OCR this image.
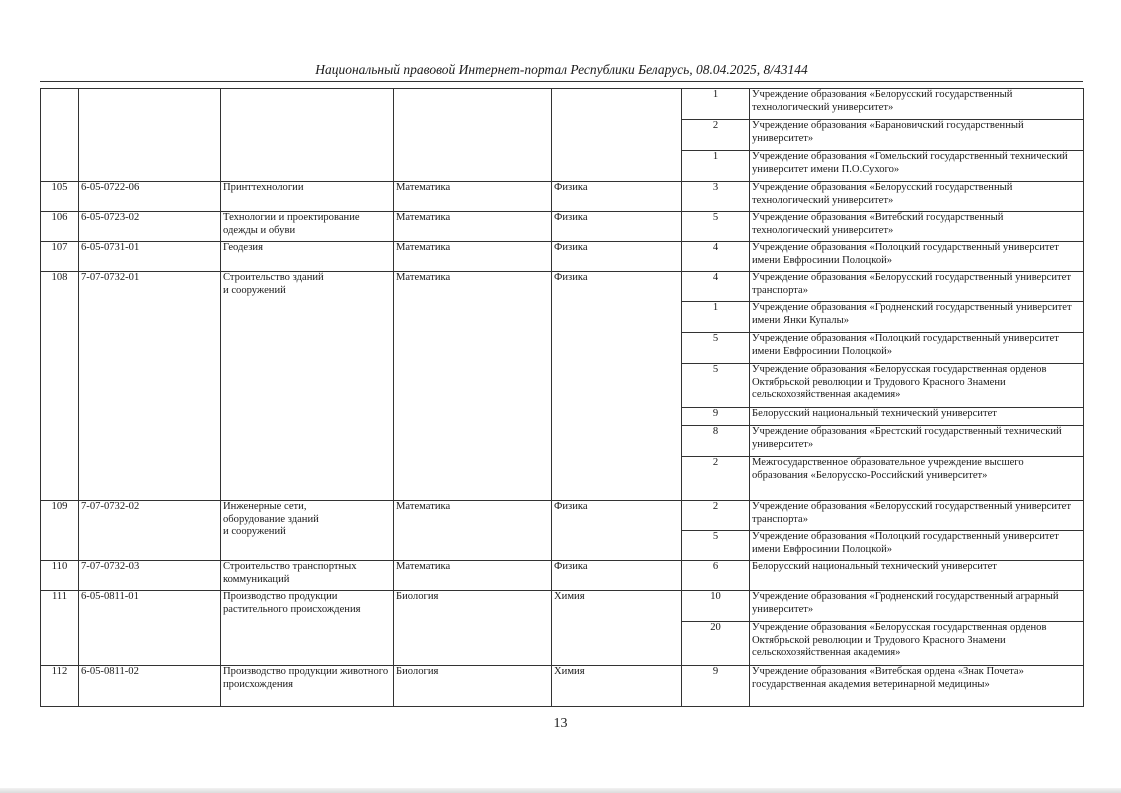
Национальный правовой Интернет-портал Республики Беларусь, 08.04.2025, 8/43144
					1	Учреждение образования «Белорусский государственный технологический университет»
					2	Учреждение образования «Барановичский государственный университет»
					1	Учреждение образования «Гомельский государственный технический университет имени П.О.Сухого»
105	6-05-0722-06	Принттехнологии	Математика	Физика	3	Учреждение образования «Белорусский государственный технологический университет»
106	6-05-0723-02	Технологии и проектирование одежды и обуви	Математика	Физика	5	Учреждение образования «Витебский государственный технологический университет»
107	6-05-0731-01	Геодезия	Математика	Физика	4	Учреждение образования «Полоцкий государственный университет имени Евфросинии Полоцкой»
108	7-07-0732-01	Строительство зданий
и сооружений	Математика	Физика	4	Учреждение образования «Белорусский государственный университет транспорта»
					1	Учреждение образования «Гродненский государственный университет имени Янки Купалы»
					5	Учреждение образования «Полоцкий государственный университет имени Евфросинии Полоцкой»
					5	Учреждение образования «Белорусская государственная орденов Октябрьской революции и Трудового Красного Знамени сельскохозяйственная академия»
					9	Белорусский национальный технический университет
					8	Учреждение образования «Брестский государственный технический университет»
					2	Межгосударственное образовательное учреждение высшего образования «Белорусско-Российский университет»
109	7-07-0732-02	Инженерные сети,
оборудование зданий
и сооружений	Математика	Физика	2	Учреждение образования «Белорусский государственный университет транспорта»
					5	Учреждение образования «Полоцкий государственный университет имени Евфросинии Полоцкой»
110	7-07-0732-03	Строительство транспортных коммуникаций	Математика	Физика	6	Белорусский национальный технический университет
111	6-05-0811-01	Производство продукции растительного происхождения	Биология	Химия	10	Учреждение образования «Гродненский государственный аграрный университет»
					20	Учреждение образования «Белорусская государственная орденов Октябрьской революции и Трудового Красного Знамени сельскохозяйственная академия»
112	6-05-0811-02	Производство продукции животного происхождения	Биология	Химия	9	Учреждение образования «Витебская ордена «Знак Почета» государственная академия ветеринарной медицины»
13
